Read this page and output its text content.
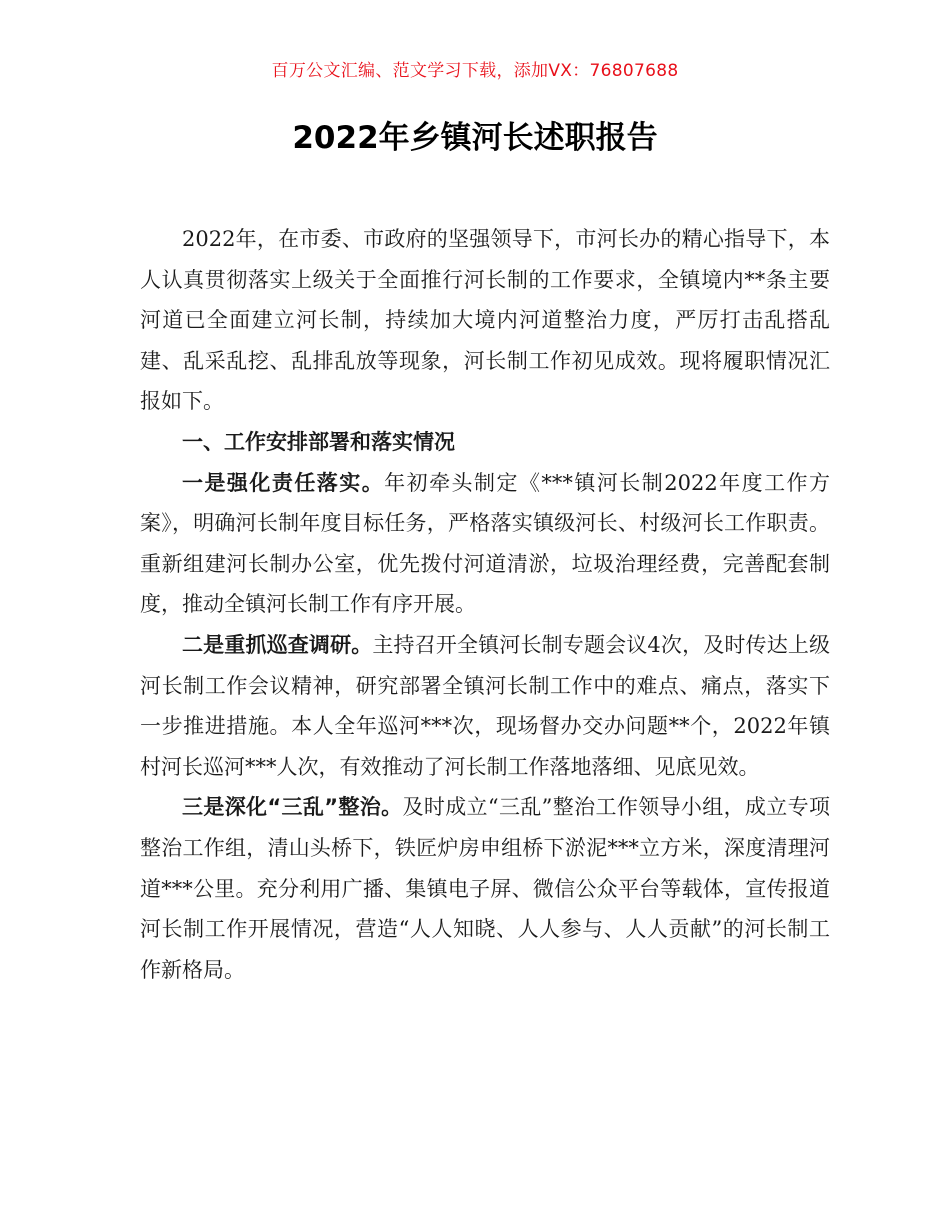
百万公文汇编、范文学习下载，添加VX：76807688
2022年乡镇河长述职报告

2022年，在市委、市政府的坚强领导下，市河长办的精心指导下，本人认真贯彻落实上级关于全面推行河长制的工作要求，全镇境内**条主要河道已全面建立河长制，持续加大境内河道整治力度，严厉打击乱搭乱建、乱采乱挖、乱排乱放等现象，河长制工作初见成效。现将履职情况汇报如下。

一、工作安排部署和落实情况

一是强化责任落实。年初牵头制定《***镇河长制2022年度工作方案》，明确河长制年度目标任务，严格落实镇级河长、村级河长工作职责。重新组建河长制办公室，优先拨付河道清淤，垃圾治理经费，完善配套制度，推动全镇河长制工作有序开展。

二是重抓巡查调研。主持召开全镇河长制专题会议4次，及时传达上级河长制工作会议精神，研究部署全镇河长制工作中的难点、痛点，落实下一步推进措施。本人全年巡河***次，现场督办交办问题**个，2022年镇村河长巡河***人次，有效推动了河长制工作落地落细、见底见效。

三是深化“三乱”整治。及时成立“三乱”整治工作领导小组，成立专项整治工作组，清山头桥下，铁匠炉房申组桥下淤泥***立方米，深度清理河道***公里。充分利用广播、集镇电子屏、微信公众平台等载体，宣传报道河长制工作开展情况，营造“人人知晓、人人参与、人人贡献”的河长制工作新格局。
